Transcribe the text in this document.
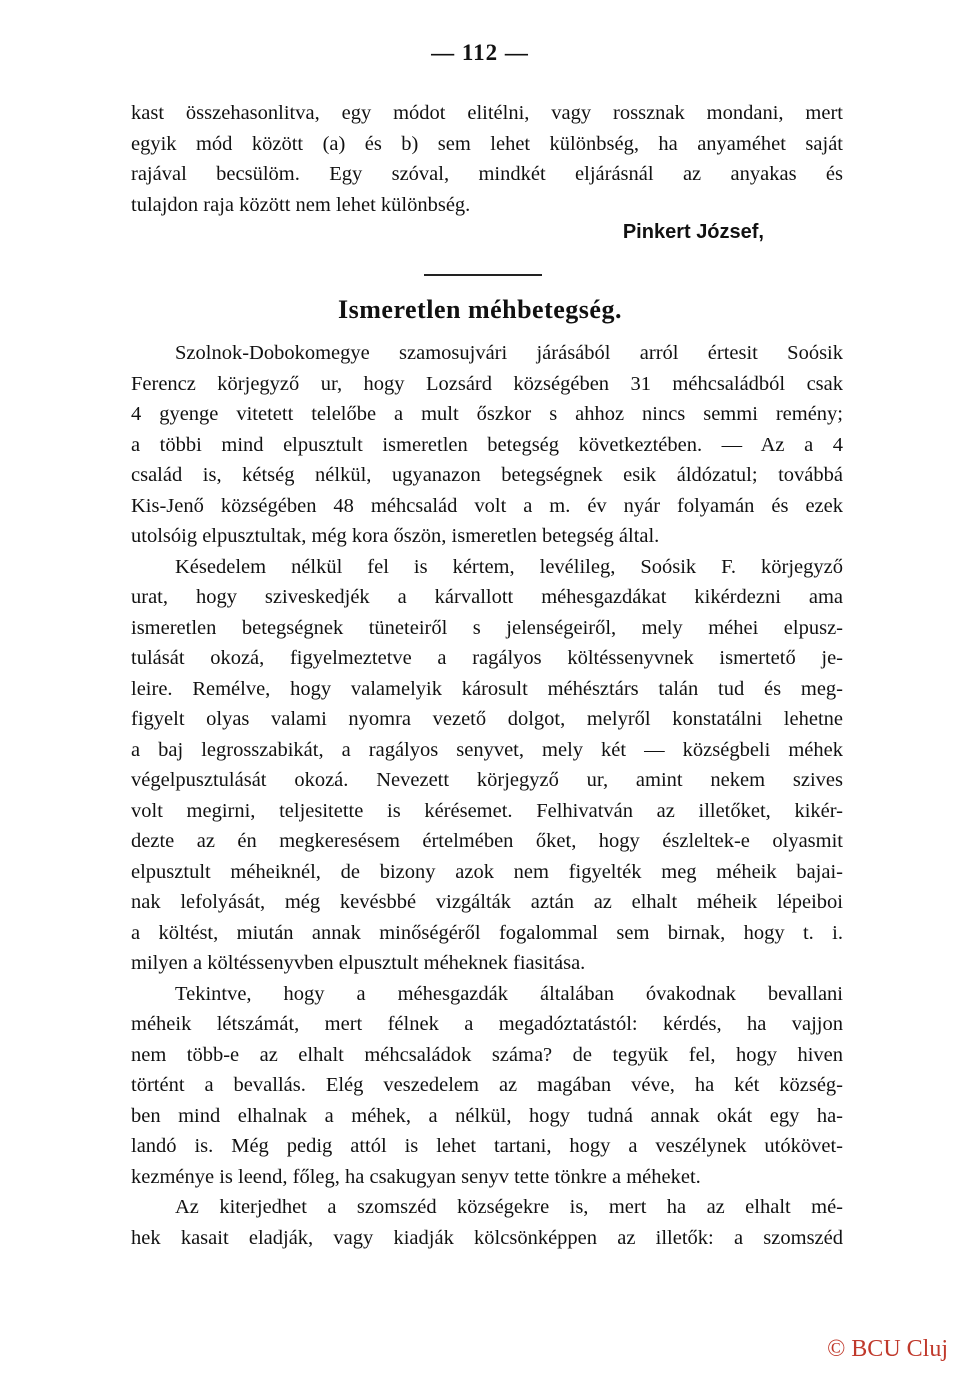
— 112 —
kast összehasonlitva, egy módot elitélni, vagy rossznak mondani, mert
egyik mód között (a) és b) sem lehet különbség, ha anyaméhet saját
rajával becsülöm. Egy szóval, mindkét eljárásnál az anyakas és
tulajdon raja között nem lehet különbség.
Pinkert József,
Ismeretlen méhbetegség.
Szolnok-Dobokomegye szamosujvári járásából arról értesit Soósik
Ferencz körjegyző ur, hogy Lozsárd községében 31 méhcsaládból csak
4 gyenge vitetett telelőbe a mult őszkor s ahhoz nincs semmi remény;
a többi mind elpusztult ismeretlen betegség következtében. — Az a 4
család is, kétség nélkül, ugyanazon betegségnek esik áldózatul; továbbá
Kis-Jenő községében 48 méhcsalád volt a m. év nyár folyamán és ezek
utolsóig elpusztultak, még kora őszön, ismeretlen betegség által.
Késedelem nélkül fel is kértem, levélileg, Soósik F. körjegyző
urat, hogy sziveskedjék a kárvallott méhesgazdákat kikérdezni ama
ismeretlen betegségnek tüneteiről s jelenségeiről, mely méhei elpusz-
tulását okozá, figyelmeztetve a ragályos költéssenyvnek ismertető je-
leire. Remélve, hogy valamelyik károsult méhésztárs talán tud és meg-
figyelt olyas valami nyomra vezető dolgot, melyről konstatálni lehetne
a baj legrosszabikát, a ragályos senyvet, mely két — községbeli méhek
végelpusztulását okozá. Nevezett körjegyző ur, amint nekem szives
volt megirni, teljesitette is kérésemet. Felhivatván az illetőket, kikér-
dezte az én megkeresésem értelmében őket, hogy észleltek-e olyasmit
elpusztult méheiknél, de bizony azok nem figyelték meg méheik bajai-
nak lefolyását, még kevésbbé vizgálták aztán az elhalt méheik lépeiboi
a költést, miután annak minőségéről fogalommal sem birnak, hogy t. i.
milyen a költéssenyvben elpusztult méheknek fiasitása.
Tekintve, hogy a méhesgazdák általában óvakodnak bevallani
méheik létszámát, mert félnek a megadóztatástól: kérdés, ha vajjon
nem több-e az elhalt méhcsaládok száma? de tegyük fel, hogy hiven
történt a bevallás. Elég veszedelem az magában véve, ha két község-
ben mind elhalnak a méhek, a nélkül, hogy tudná annak okát egy ha-
landó is. Még pedig attól is lehet tartani, hogy a veszélynek utókövet-
kezménye is leend, főleg, ha csakugyan senyv tette tönkre a méheket.
Az kiterjedhet a szomszéd községekre is, mert ha az elhalt mé-
hek kasait eladják, vagy kiadják kölcsönképpen az illetők: a szomszéd
© BCU Cluj
